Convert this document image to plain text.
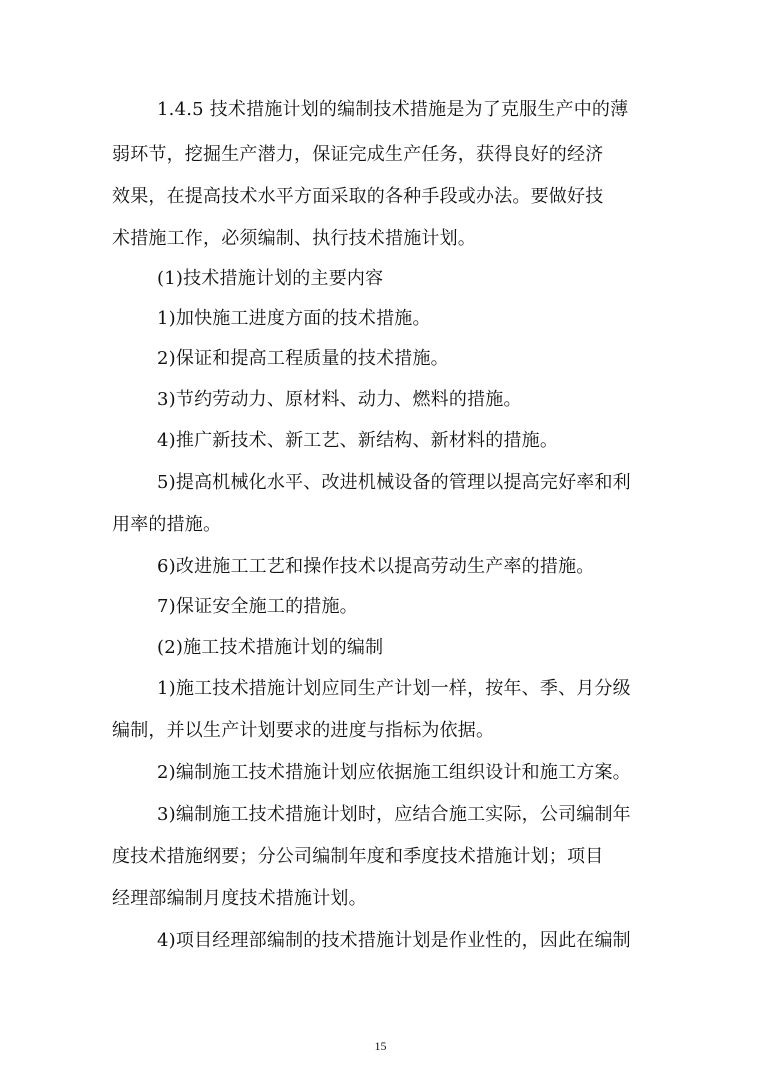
1.4.5 技术措施计划的编制技术措施是为了克服生产中的薄
弱环节，挖掘生产潜力，保证完成生产任务，获得良好的经济
效果，在提高技术水平方面采取的各种手段或办法。要做好技
术措施工作，必须编制、执行技术措施计划。
(1)技术措施计划的主要内容
1)加快施工进度方面的技术措施。
2)保证和提高工程质量的技术措施。
3)节约劳动力、原材料、动力、燃料的措施。
4)推广新技术、新工艺、新结构、新材料的措施。
5)提高机械化水平、改进机械设备的管理以提高完好率和利
用率的措施。
6)改进施工工艺和操作技术以提高劳动生产率的措施。
7)保证安全施工的措施。
(2)施工技术措施计划的编制
1)施工技术措施计划应同生产计划一样，按年、季、月分级
编制，并以生产计划要求的进度与指标为依据。
2)编制施工技术措施计划应依据施工组织设计和施工方案。
3)编制施工技术措施计划时，应结合施工实际，公司编制年
度技术措施纲要；分公司编制年度和季度技术措施计划；项目
经理部编制月度技术措施计划。
4)项目经理部编制的技术措施计划是作业性的，因此在编制
15
